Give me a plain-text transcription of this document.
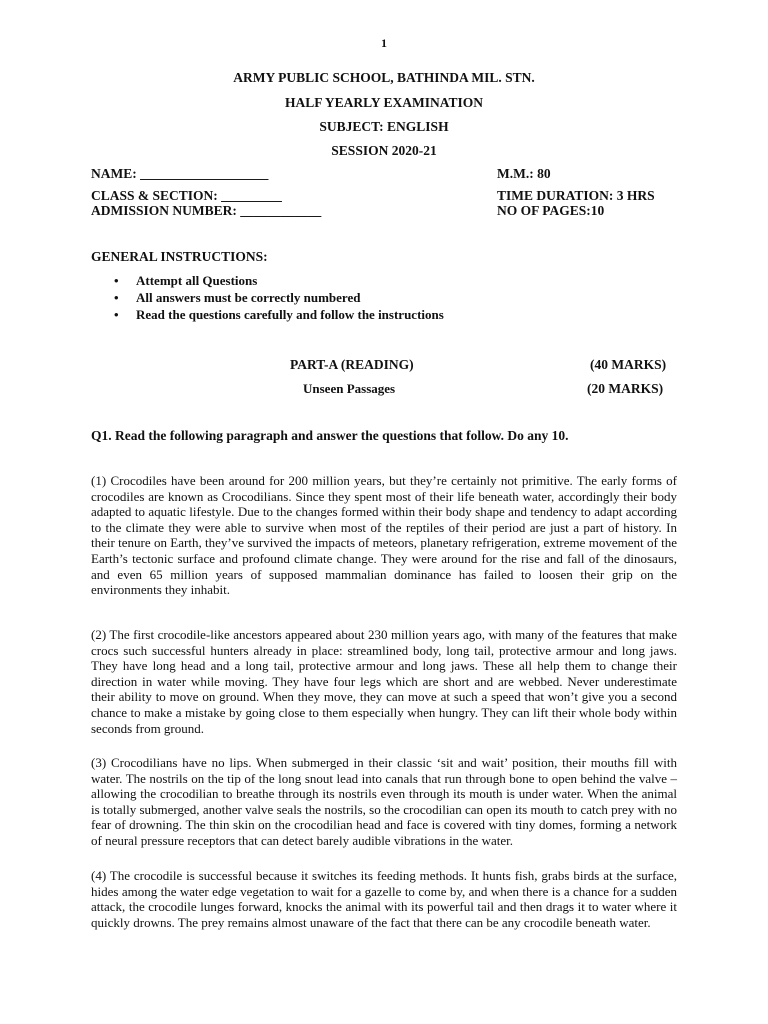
1
ARMY PUBLIC SCHOOL, BATHINDA MIL. STN.
HALF YEARLY EXAMINATION
SUBJECT: ENGLISH
SESSION 2020-21
NAME: ___________________	M.M.: 80
CLASS & SECTION: _________	TIME DURATION: 3 HRS
ADMISSION NUMBER: ____________	NO OF PAGES:10
GENERAL INSTRUCTIONS:
• Attempt all Questions
• All answers must be correctly numbered
• Read the questions carefully and follow the instructions
PART-A (READING)	(40 MARKS)
Unseen Passages	(20 MARKS)
Q1. Read the following paragraph and answer the questions that follow. Do any 10.
(1) Crocodiles have been around for 200 million years, but they’re certainly not primitive. The early forms of crocodiles are known as Crocodilians. Since they spent most of their life beneath water, accordingly their body adapted to aquatic lifestyle. Due to the changes formed within their body shape and tendency to adapt according to the climate they were able to survive when most of the reptiles of their period are just a part of history. In their tenure on Earth, they’ve survived the impacts of meteors, planetary refrigeration, extreme movement of the Earth’s tectonic surface and profound climate change. They were around for the rise and fall of the dinosaurs, and even 65 million years of supposed mammalian dominance has failed to loosen their grip on the environments they inhabit.
(2) The first crocodile-like ancestors appeared about 230 million years ago, with many of the features that make crocs such successful hunters already in place: streamlined body, long tail, protective armour and long jaws. They have long head and a long tail, protective armour and long jaws. These all help them to change their direction in water while moving. They have four legs which are short and are webbed. Never underestimate their ability to move on ground. When they move, they can move at such a speed that won’t give you a second chance to make a mistake by going close to them especially when hungry. They can lift their whole body within seconds from ground.
(3) Crocodilians have no lips. When submerged in their classic ‘sit and wait’ position, their mouths fill with water. The nostrils on the tip of the long snout lead into canals that run through bone to open behind the valve – allowing the crocodilian to breathe through its nostrils even through its mouth is under water. When the animal is totally submerged, another valve seals the nostrils, so the crocodilian can open its mouth to catch prey with no fear of drowning. The thin skin on the crocodilian head and face is covered with tiny domes, forming a network of neural pressure receptors that can detect barely audible vibrations in the water.
(4) The crocodile is successful because it switches its feeding methods. It hunts fish, grabs birds at the surface, hides among the water edge vegetation to wait for a gazelle to come by, and when there is a chance for a sudden attack, the crocodile lunges forward, knocks the animal with its powerful tail and then drags it to water where it quickly drowns. The prey remains almost unaware of the fact that there can be any crocodile beneath water.
